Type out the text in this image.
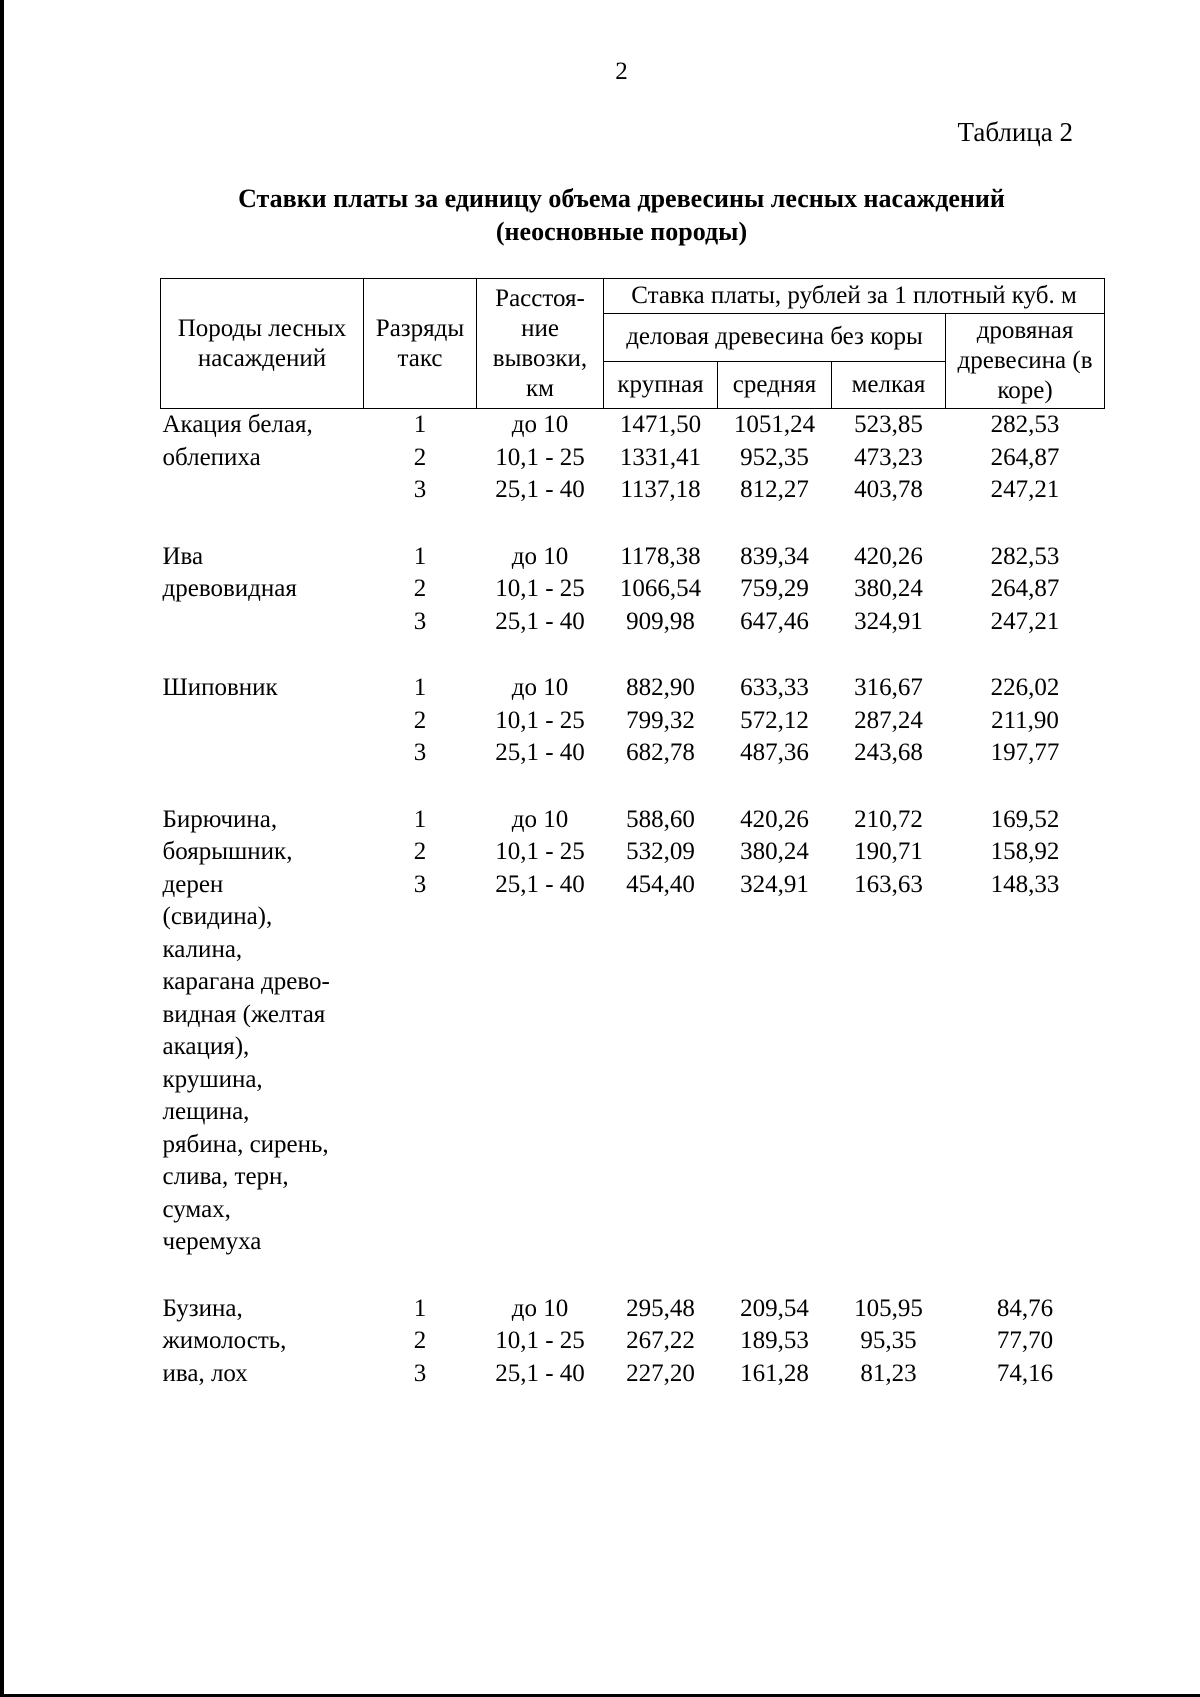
2
Таблица 2
Ставки платы за единицу объема древесины лесных насаждений
(неосновные породы)
Породы лесных насаждений	Разряды такс	Расстоя-ние вывозки, км	Ставка платы, рублей за 1 плотный куб. м			
			деловая древесина без коры			дровяная древесина (в коре)
			крупная	средняя	мелкая	
Акация белая,	1	до 10	1471,50	1051,24	523,85	282,53
облепиха	2	10,1 - 25	1331,41	952,35	473,23	264,87
	3	25,1 - 40	1137,18	812,27	403,78	247,21

Ива	1	до 10	1178,38	839,34	420,26	282,53
древовидная	2	10,1 - 25	1066,54	759,29	380,24	264,87
	3	25,1 - 40	909,98	647,46	324,91	247,21

Шиповник	1	до 10	882,90	633,33	316,67	226,02
	2	10,1 - 25	799,32	572,12	287,24	211,90
	3	25,1 - 40	682,78	487,36	243,68	197,77

Бирючина,	1	до 10	588,60	420,26	210,72	169,52
боярышник,	2	10,1 - 25	532,09	380,24	190,71	158,92
дерен	3	25,1 - 40	454,40	324,91	163,63	148,33
(свидина),						
калина,						
карагана древо-						
видная (желтая						
акация),						
крушина,						
лещина,						
рябина, сирень,						
слива, терн,						
сумах,						
черемуха						

Бузина,	1	до 10	295,48	209,54	105,95	84,76
жимолость,	2	10,1 - 25	267,22	189,53	95,35	77,70
ива, лох	3	25,1 - 40	227,20	161,28	81,23	74,16
